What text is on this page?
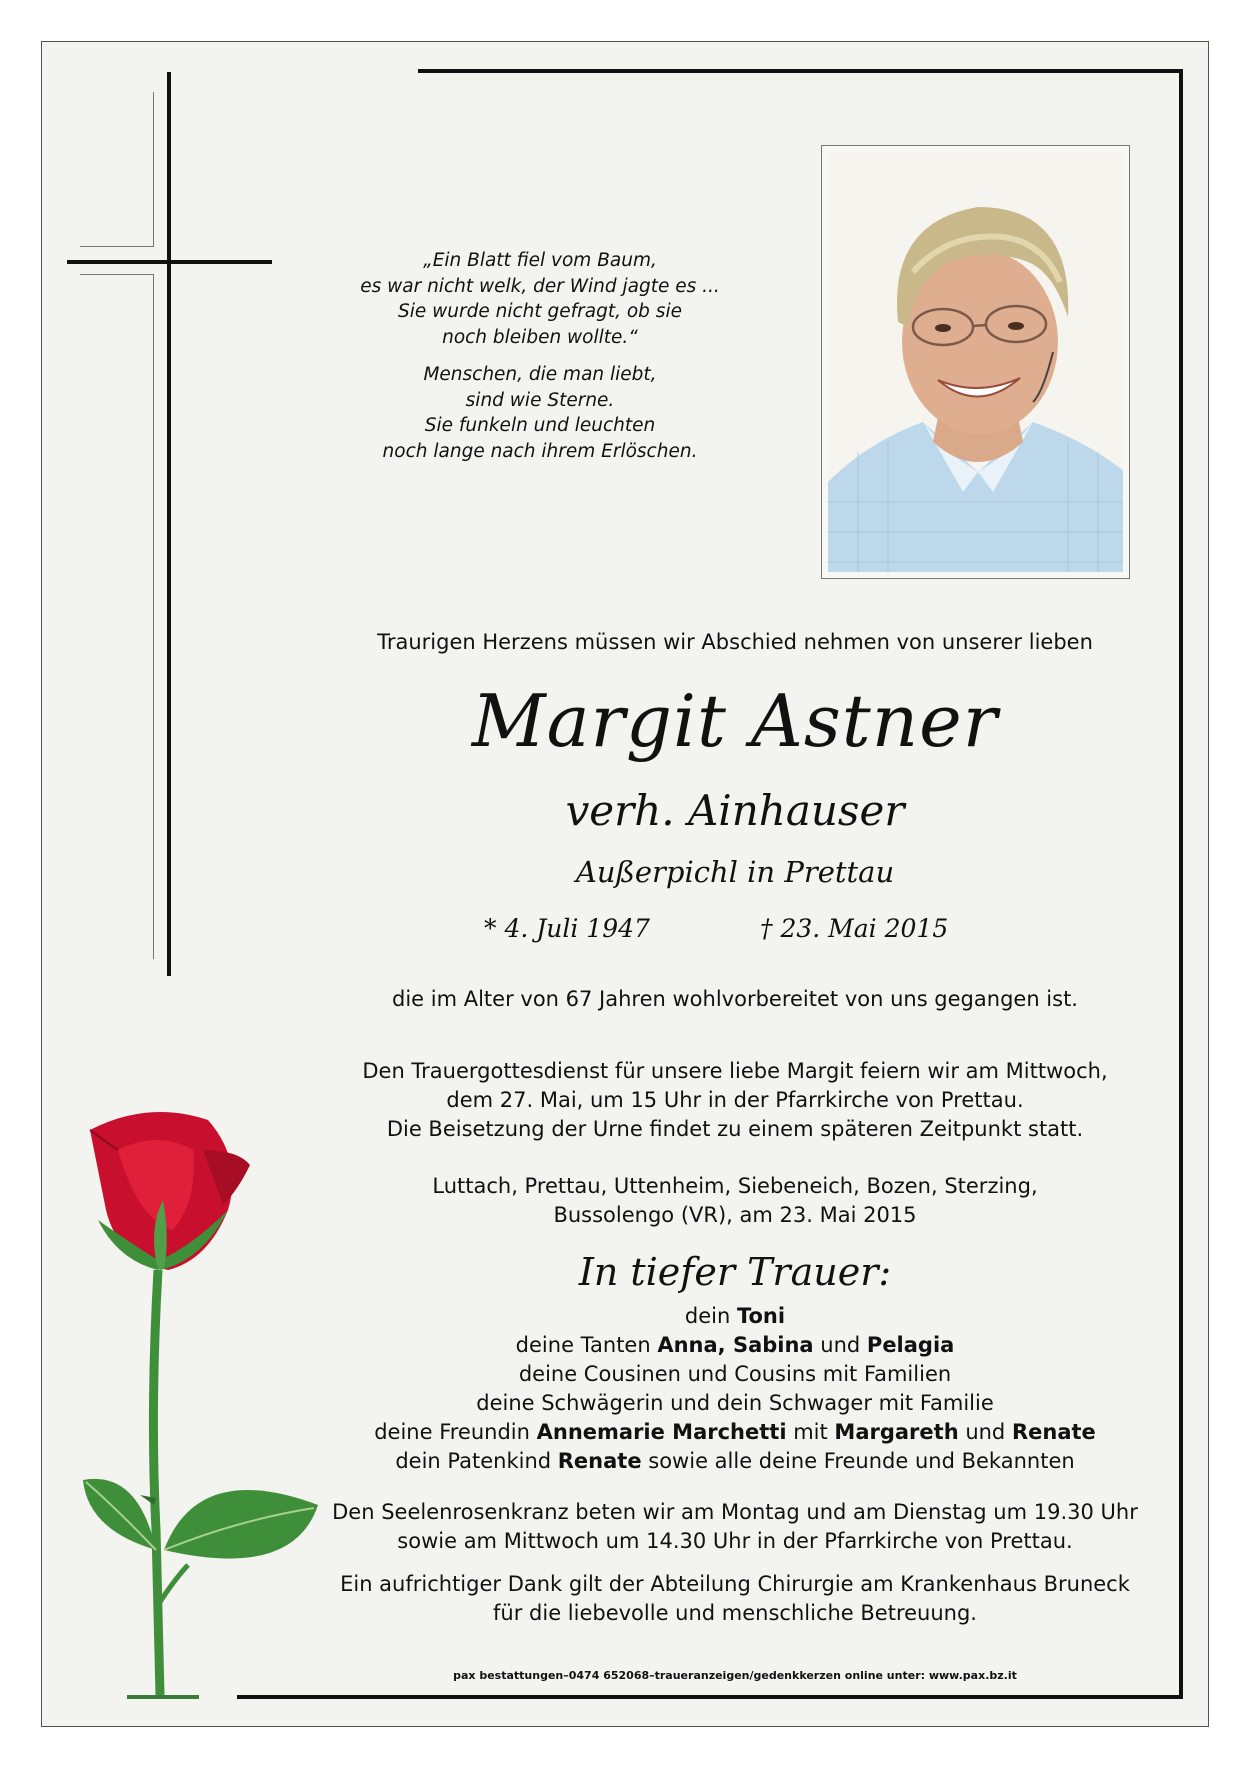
„Ein Blatt fiel vom Baum,
es war nicht welk, der Wind jagte es ...
Sie wurde nicht gefragt, ob sie
noch bleiben wollte.“

Menschen, die man liebt,
sind wie Sterne.
Sie funkeln und leuchten
noch lange nach ihrem Erlöschen.

Traurigen Herzens müssen wir Abschied nehmen von unserer lieben
Margit Astner
verh. Ainhauser
Außerpichl in Prettau
* 4. Juli 1947	† 23. Mai 2015
die im Alter von 67 Jahren wohlvorbereitet von uns gegangen ist.
Den Trauergottesdienst für unsere liebe Margit feiern wir am Mittwoch,
dem 27. Mai, um 15 Uhr in der Pfarrkirche von Prettau.
Die Beisetzung der Urne findet zu einem späteren Zeitpunkt statt.
Luttach, Prettau, Uttenheim, Siebeneich, Bozen, Sterzing,
Bussolengo (VR), am 23. Mai 2015
In tiefer Trauer:
dein Toni
deine Tanten Anna, Sabina und Pelagia
deine Cousinen und Cousins mit Familien
deine Schwägerin und dein Schwager mit Familie
deine Freundin Annemarie Marchetti mit Margareth und Renate
dein Patenkind Renate sowie alle deine Freunde und Bekannten
Den Seelenrosenkranz beten wir am Montag und am Dienstag um 19.30 Uhr
sowie am Mittwoch um 14.30 Uhr in der Pfarrkirche von Prettau.
Ein aufrichtiger Dank gilt der Abteilung Chirurgie am Krankenhaus Bruneck
für die liebevolle und menschliche Betreuung.
pax bestattungen–0474 652068–traueranzeigen/gedenkkerzen online unter: www.pax.bz.it
